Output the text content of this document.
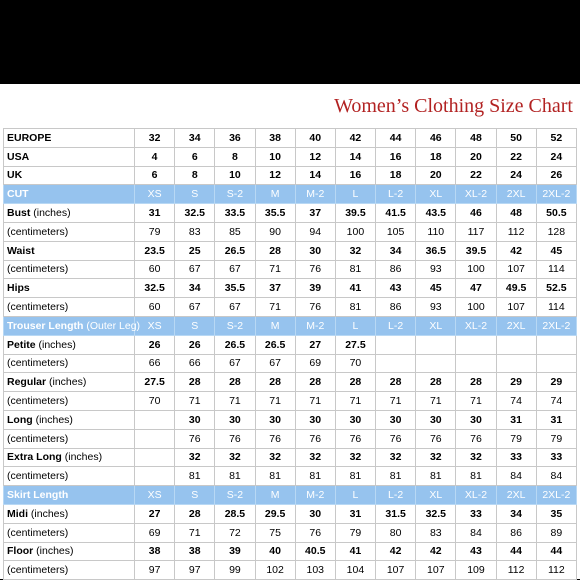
Women’s Clothing Size Chart
EUROPE	32	34	36	38	40	42	44	46	48	50	52
USA	4	6	8	10	12	14	16	18	20	22	24
UK	6	8	10	12	14	16	18	20	22	24	26
CUT	XS	S	S-2	M	M-2	L	L-2	XL	XL-2	2XL	2XL-2
Bust (inches)	31	32.5	33.5	35.5	37	39.5	41.5	43.5	46	48	50.5
(centimeters)	79	83	85	90	94	100	105	110	117	112	128
Waist	23.5	25	26.5	28	30	32	34	36.5	39.5	42	45
(centimeters)	60	67	67	71	76	81	86	93	100	107	114
Hips	32.5	34	35.5	37	39	41	43	45	47	49.5	52.5
(centimeters)	60	67	67	71	76	81	86	93	100	107	114
Trouser Length (Outer Leg)	XS	S	S-2	M	M-2	L	L-2	XL	XL-2	2XL	2XL-2
Petite (inches)	26	26	26.5	26.5	27	27.5					
(centimeters)	66	66	67	67	69	70					
Regular (inches)	27.5	28	28	28	28	28	28	28	28	29	29
(centimeters)	70	71	71	71	71	71	71	71	71	74	74
Long (inches)		30	30	30	30	30	30	30	30	31	31
(centimeters)		76	76	76	76	76	76	76	76	79	79
Extra Long (inches)		32	32	32	32	32	32	32	32	33	33
(centimeters)		81	81	81	81	81	81	81	81	84	84
Skirt Length	XS	S	S-2	M	M-2	L	L-2	XL	XL-2	2XL	2XL-2
Midi (inches)	27	28	28.5	29.5	30	31	31.5	32.5	33	34	35
(centimeters)	69	71	72	75	76	79	80	83	84	86	89
Floor (inches)	38	38	39	40	40.5	41	42	42	43	44	44
(centimeters)	97	97	99	102	103	104	107	107	109	112	112
